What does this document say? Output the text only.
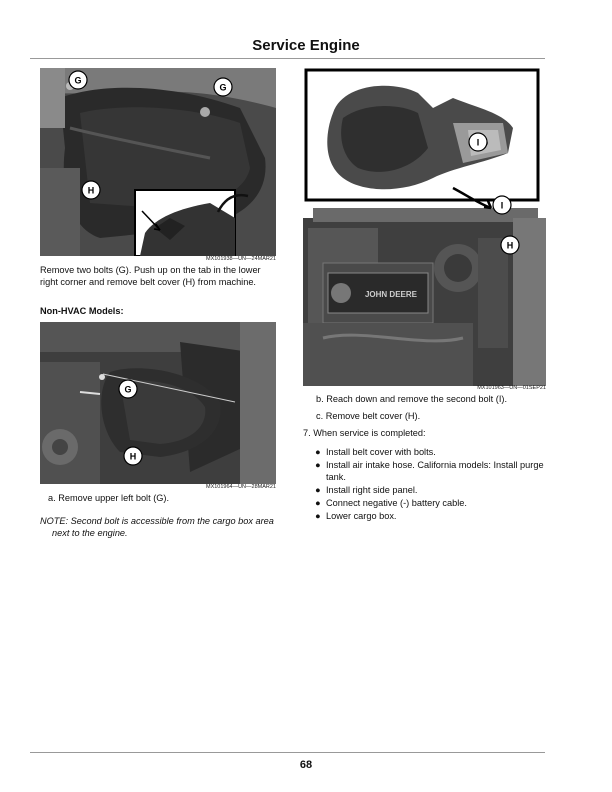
Service Engine
G
G
H
MX101938—UN—24MAR21
Remove two bolts (G). Push up on the tab in the lower right corner and remove belt cover (H) from machine.
Non-HVAC Models:
G
H
MX101964—UN—28MAR21
a. Remove upper left bolt (G).
NOTE: Second bolt is accessible from the cargo box area next to the engine.
JOHN DEERE
I
I
H
MX101963—UN—01SEP21
b. Reach down and remove the second bolt (I).
c. Remove belt cover (H).
7. When service is completed:
● Install belt cover with bolts.
● Install air intake hose. California models: Install purge tank.
● Install right side panel.
● Connect negative (-) battery cable.
● Lower cargo box.
68
